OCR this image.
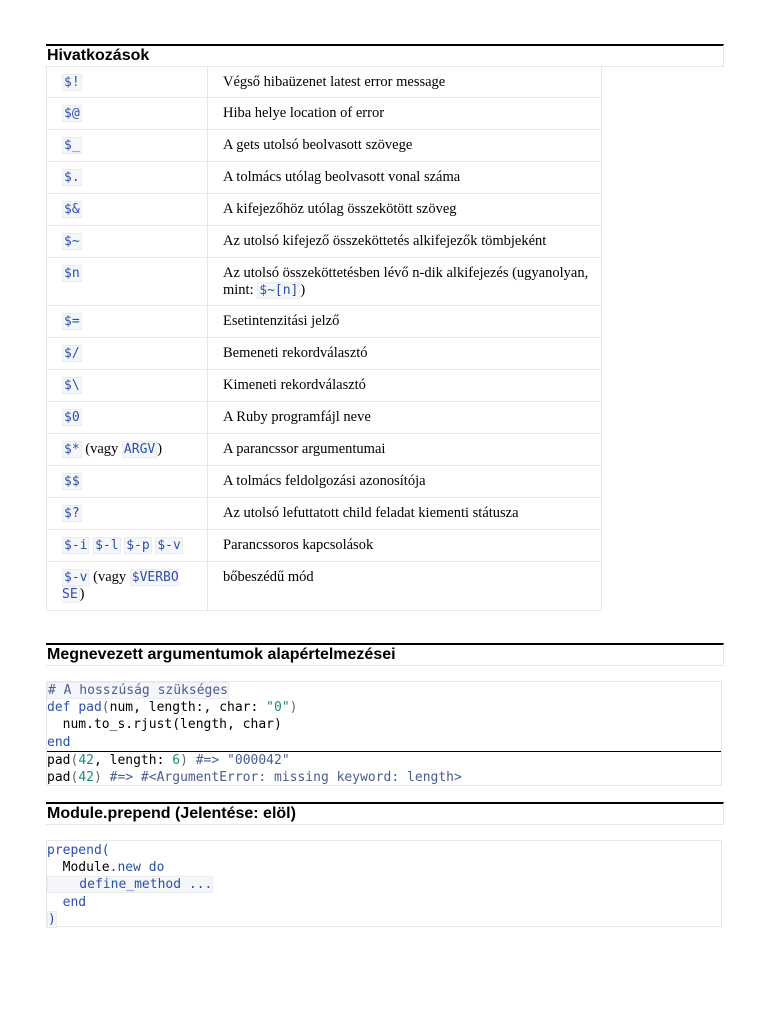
Hivatkozások
$!	Végső hibaüzenet latest error message
$@	Hiba helye location of error
$_	A gets utolsó beolvasott szövege
$.	A tolmács utólag beolvasott vonal száma
$&	A kifejezőhöz utólag összekötött szöveg
$~	Az utolsó kifejező összeköttetés alkifejezők tömbjeként
$n	Az utolsó összeköttetésben lévő n-dik alkifejezés (ugyanolyan, mint: $~[n] )
$=	Esetintenzitási jelző
$/	Bemeneti rekordválasztó
$\	Kimeneti rekordválasztó
$0	A Ruby programfájl neve
$* (vagy ARGV )	A parancssor argumentumai
$$	A tolmács feldolgozási azonosítója
$?	Az utolsó lefuttatott child feladat kiementi státusza
$-i $-l $-p $-v	Parancssoros kapcsolások
$-v (vagy $VERBO SE )	bőbeszédű mód
Megnevezett argumentumok alapértelmezései
# A hosszúság szükséges
def pad(num, length:, char: "0")
num.to_s.rjust(length, char)
end
pad(42, length: 6) #=> "000042"
pad(42) #=> #<ArgumentError: missing keyword: length>
Module.prepend (Jelentése: elöl)
prepend(
Module.new do
define_method ...
end
)
